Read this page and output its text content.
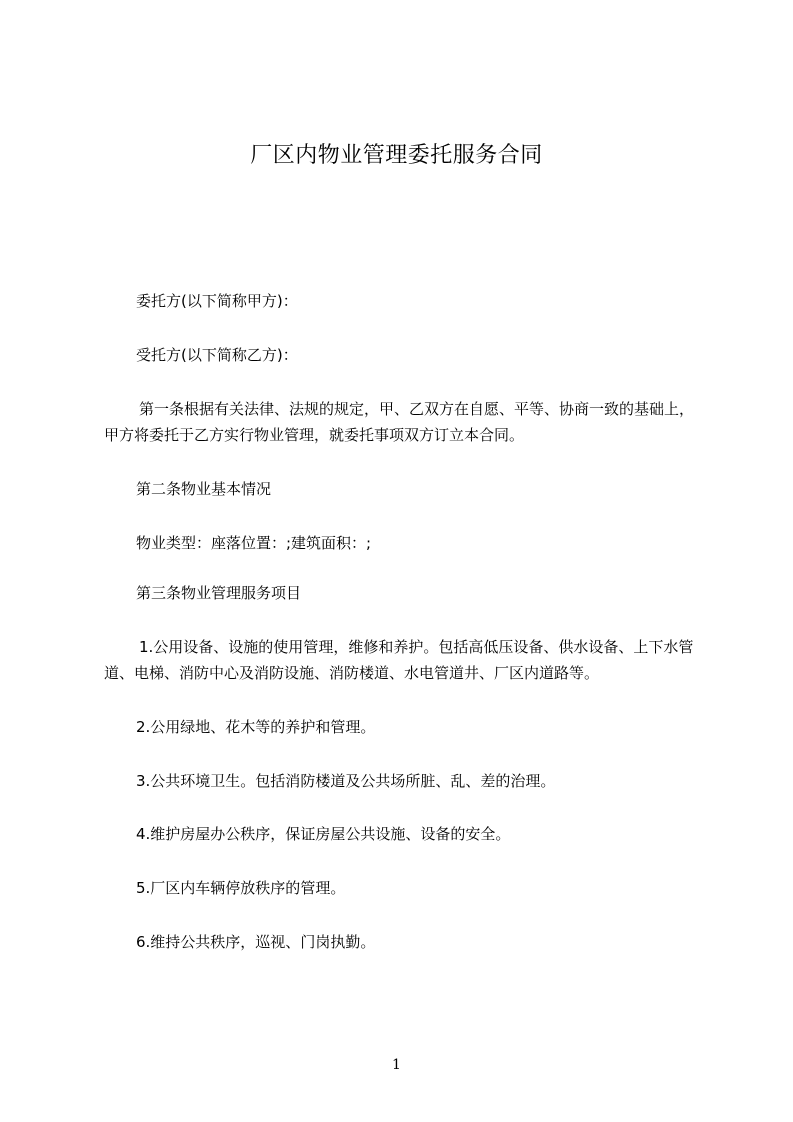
厂区内物业管理委托服务合同
委托方(以下简称甲方)：
受托方(以下简称乙方)：
第一条根据有关法律、法规的规定，甲、乙双方在自愿、平等、协商一致的基础上，甲方将委托于乙方实行物业管理，就委托事项双方订立本合同。
第二条物业基本情况
物业类型：座落位置：;建筑面积：;
第三条物业管理服务项目
1.公用设备、设施的使用管理，维修和养护。包括高低压设备、供水设备、上下水管道、电梯、消防中心及消防设施、消防楼道、水电管道井、厂区内道路等。
2.公用绿地、花木等的养护和管理。
3.公共环境卫生。包括消防楼道及公共场所脏、乱、差的治理。
4.维护房屋办公秩序，保证房屋公共设施、设备的安全。
5.厂区内车辆停放秩序的管理。
6.维持公共秩序，巡视、门岗执勤。
1
